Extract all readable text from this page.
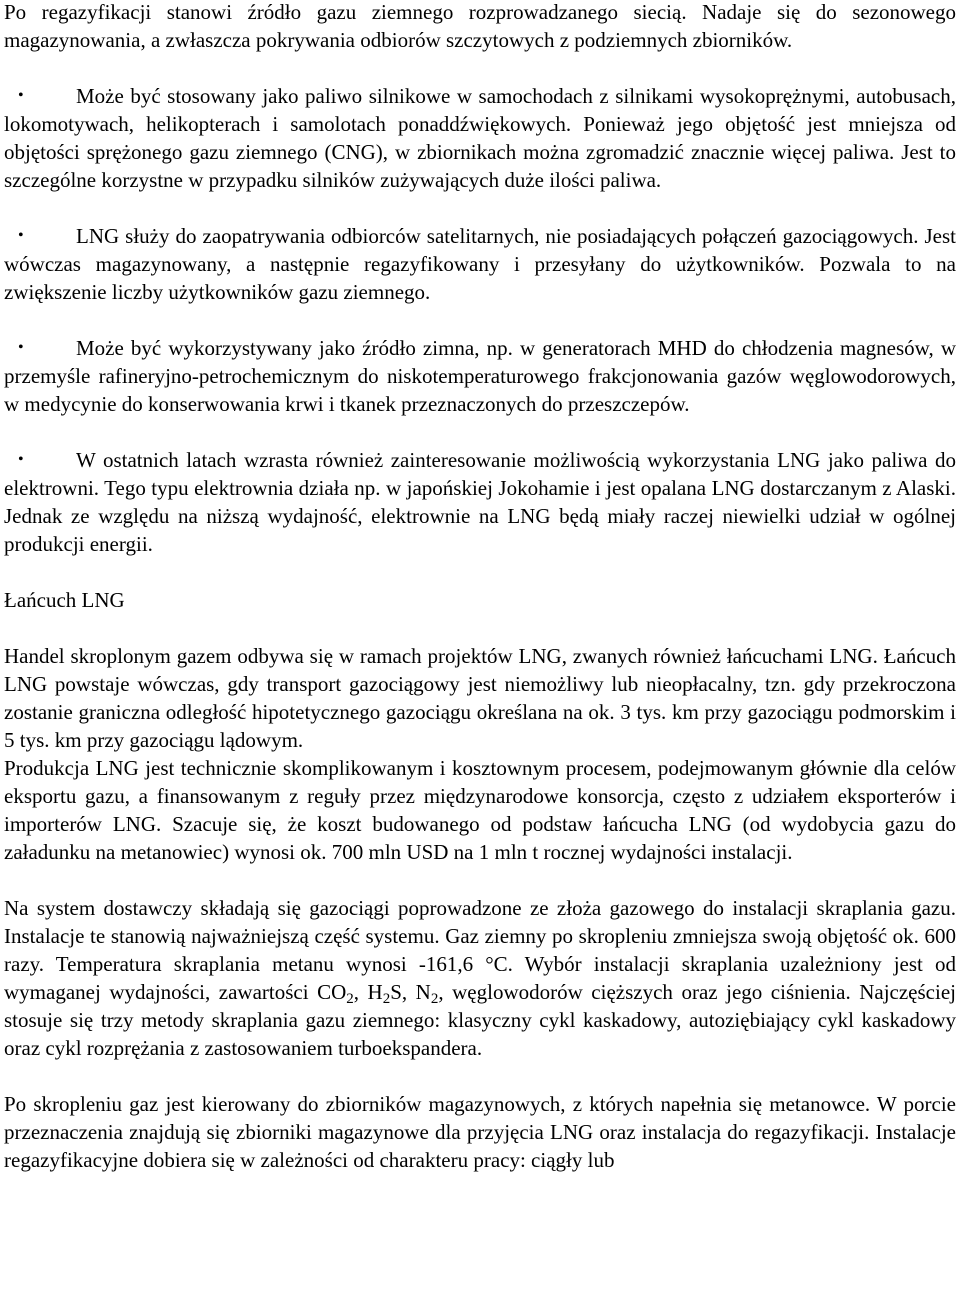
Po regazyfikacji stanowi źródło gazu ziemnego rozprowadzanego siecią. Nadaje się do sezonowego magazynowania, a zwłaszcza pokrywania odbiorów szczytowych z podziemnych zbiorników.

• Może być stosowany jako paliwo silnikowe w samochodach z silnikami wysokoprężnymi, autobusach, lokomotywach, helikopterach i samolotach ponaddźwiękowych. Ponieważ jego objętość jest mniejsza od objętości sprężonego gazu ziemnego (CNG), w zbiornikach można zgromadzić znacznie więcej paliwa. Jest to szczególne korzystne w przypadku silników zużywających duże ilości paliwa.

• LNG służy do zaopatrywania odbiorców satelitarnych, nie posiadających połączeń gazociągowych. Jest wówczas magazynowany, a następnie regazyfikowany i przesyłany do użytkowników. Pozwala to na zwiększenie liczby użytkowników gazu ziemnego.

• Może być wykorzystywany jako źródło zimna, np. w generatorach MHD do chłodzenia magnesów, w przemyśle rafineryjno-petrochemicznym do niskotemperaturowego frakcjonowania gazów węglowodorowych, w medycynie do konserwowania krwi i tkanek przeznaczonych do przeszczepów.

• W ostatnich latach wzrasta również zainteresowanie możliwością wykorzystania LNG jako paliwa do elektrowni. Tego typu elektrownia działa np. w japońskiej Jokohamie i jest opalana LNG dostarczanym z Alaski. Jednak ze względu na niższą wydajność, elektrownie na LNG będą miały raczej niewielki udział w ogólnej produkcji energii.

Łańcuch LNG

Handel skroplonym gazem odbywa się w ramach projektów LNG, zwanych również łańcuchami LNG. Łańcuch LNG powstaje wówczas, gdy transport gazociągowy jest niemożliwy lub nieopłacalny, tzn. gdy przekroczona zostanie graniczna odległość hipotetycznego gazociągu określana na ok. 3 tys. km przy gazociągu podmorskim i 5 tys. km przy gazociągu lądowym.

Produkcja LNG jest technicznie skomplikowanym i kosztownym procesem, podejmowanym głównie dla celów eksportu gazu, a finansowanym z reguły przez międzynarodowe konsorcja, często z udziałem eksporterów i importerów LNG. Szacuje się, że koszt budowanego od podstaw łańcucha LNG (od wydobycia gazu do załadunku na metanowiec) wynosi ok. 700 mln USD na 1 mln t rocznej wydajności instalacji.

Na system dostawczy składają się gazociągi poprowadzone ze złoża gazowego do instalacji skraplania gazu. Instalacje te stanowią najważniejszą część systemu. Gaz ziemny po skropleniu zmniejsza swoją objętość ok. 600 razy. Temperatura skraplania metanu wynosi -161,6 °C. Wybór instalacji skraplania uzależniony jest od wymaganej wydajności, zawartości $CO_2$, $H_2S$, $N_2$, węglowodorów cięższych oraz jego ciśnienia. Najczęściej stosuje się trzy metody skraplania gazu ziemnego: klasyczny cykl kaskadowy, autoziębiający cykl kaskadowy oraz cykl rozprężania z zastosowaniem turboekspandera.

Po skropleniu gaz jest kierowany do zbiorników magazynowych, z których napełnia się metanowce. W porcie przeznaczenia znajdują się zbiorniki magazynowe dla przyjęcia LNG oraz instalacja do regazyfikacji. Instalacje regazyfikacyjne dobiera się w zależności od charakteru pracy: ciągły lub
